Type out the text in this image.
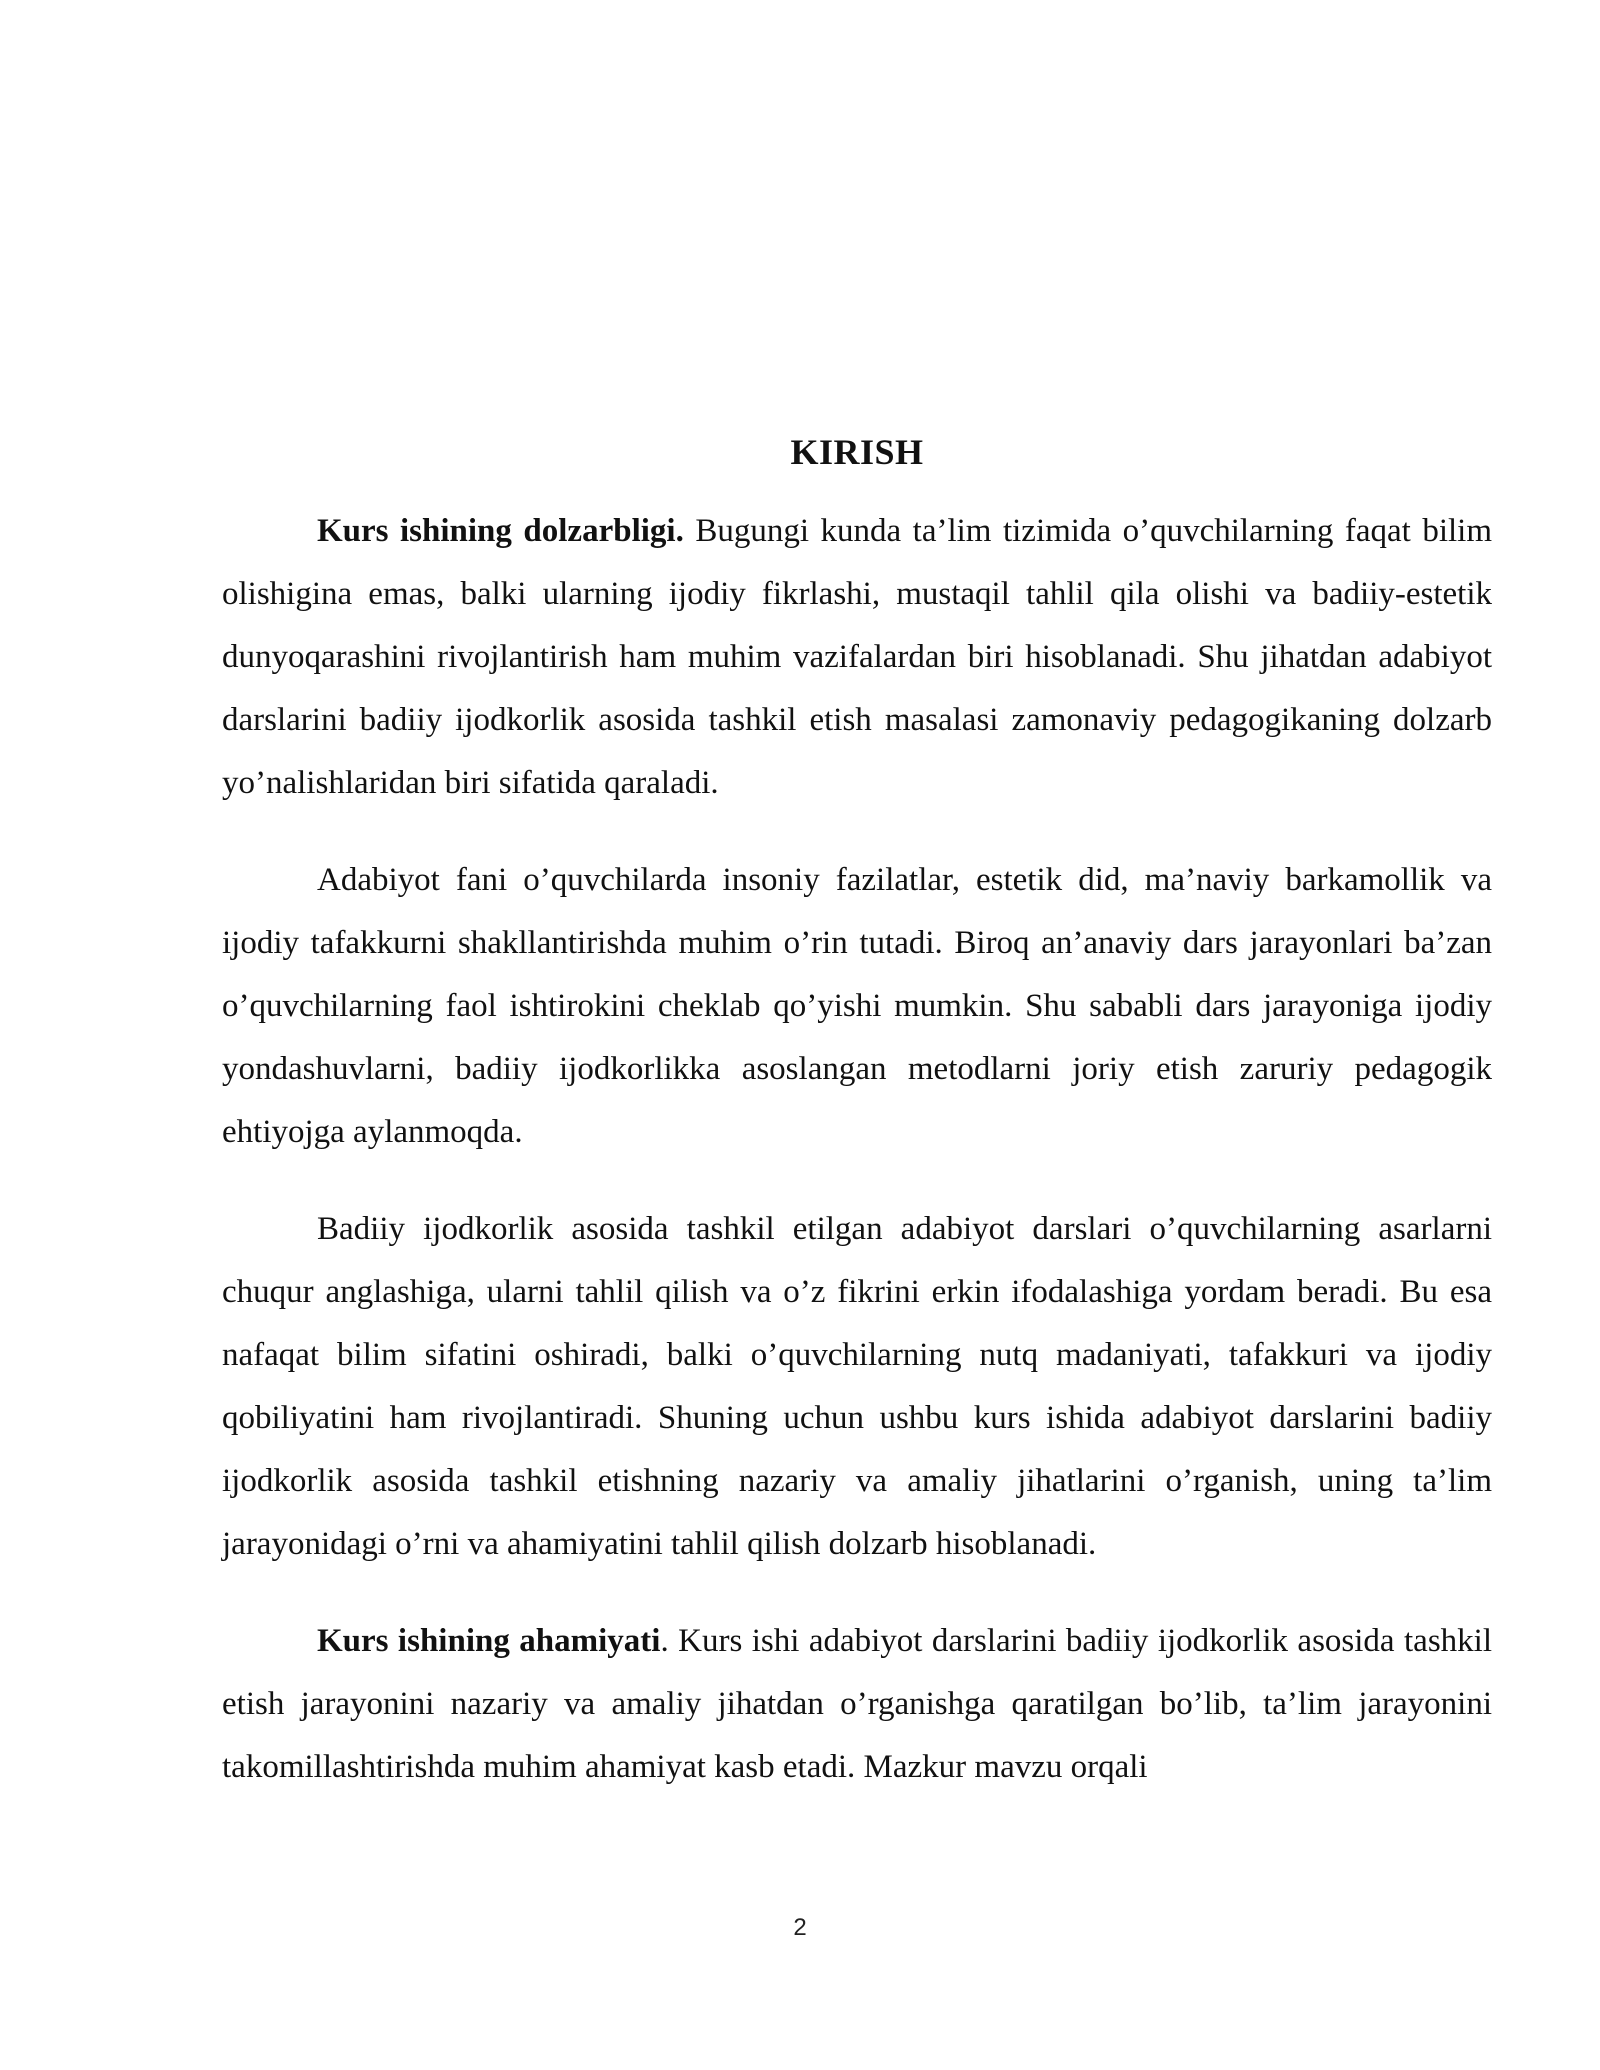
KIRISH

Kurs ishining dolzarbligi. Bugungi kunda ta’lim tizimida o’quvchilarning faqat bilim olishigina emas, balki ularning ijodiy fikrlashi, mustaqil tahlil qila olishi va badiiy-estetik dunyoqarashini rivojlantirish ham muhim vazifalardan biri hisoblanadi. Shu jihatdan adabiyot darslarini badiiy ijodkorlik asosida tashkil etish masalasi zamonaviy pedagogikaning dolzarb yo’nalishlaridan biri sifatida qaraladi.

Adabiyot fani o’quvchilarda insoniy fazilatlar, estetik did, ma’naviy barkamollik va ijodiy tafakkurni shakllantirishda muhim o’rin tutadi. Biroq an’anaviy dars jarayonlari ba’zan o’quvchilarning faol ishtirokini cheklab qo’yishi mumkin. Shu sababli dars jarayoniga ijodiy yondashuvlarni, badiiy ijodkorlikka asoslangan metodlarni joriy etish zaruriy pedagogik ehtiyojga aylanmoqda.

Badiiy ijodkorlik asosida tashkil etilgan adabiyot darslari o’quvchilarning asarlarni chuqur anglashiga, ularni tahlil qilish va o’z fikrini erkin ifodalashiga yordam beradi. Bu esa nafaqat bilim sifatini oshiradi, balki o’quvchilarning nutq madaniyati, tafakkuri va ijodiy qobiliyatini ham rivojlantiradi. Shuning uchun ushbu kurs ishida adabiyot darslarini badiiy ijodkorlik asosida tashkil etishning nazariy va amaliy jihatlarini o’rganish, uning ta’lim jarayonidagi o’rni va ahamiyatini tahlil qilish dolzarb hisoblanadi.

Kurs ishining ahamiyati. Kurs ishi adabiyot darslarini badiiy ijodkorlik asosida tashkil etish jarayonini nazariy va amaliy jihatdan o’rganishga qaratilgan bo’lib, ta’lim jarayonini takomillashtirishda muhim ahamiyat kasb etadi. Mazkur mavzu orqali

2
